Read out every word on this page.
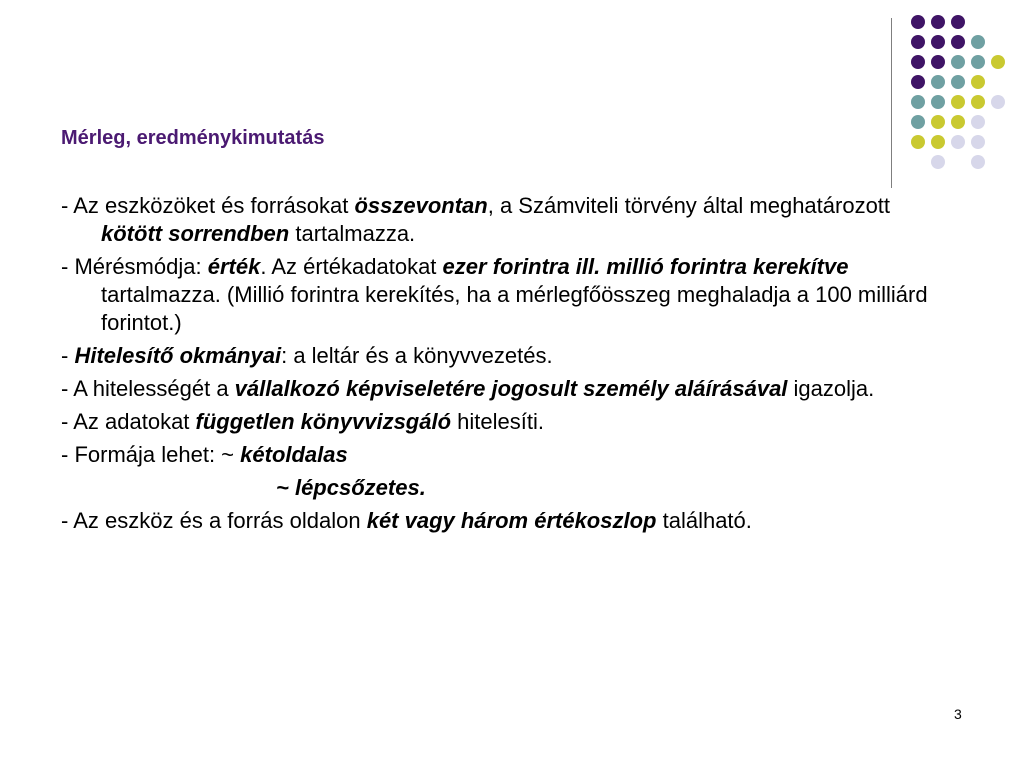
Mérleg, eredménykimutatás
- Az eszközöket és forrásokat összevontan, a Számviteli törvény által meghatározott kötött sorrendben tartalmazza.
- Mérésmódja: érték. Az értékadatokat ezer forintra ill. millió forintra kerekítve tartalmazza. (Millió forintra kerekítés, ha a mérlegfőösszeg meghaladja a 100 milliárd forintot.)
- Hitelesítő okmányai: a leltár és a könyvvezetés.
- A hitelességét a vállalkozó képviseletére jogosult személy aláírásával igazolja.
- Az adatokat független könyvvizsgáló hitelesíti.
- Formája lehet: ~ kétoldalas
~ lépcsőzetes.
- Az eszköz és a forrás oldalon két vagy három értékoszlop található.
3
